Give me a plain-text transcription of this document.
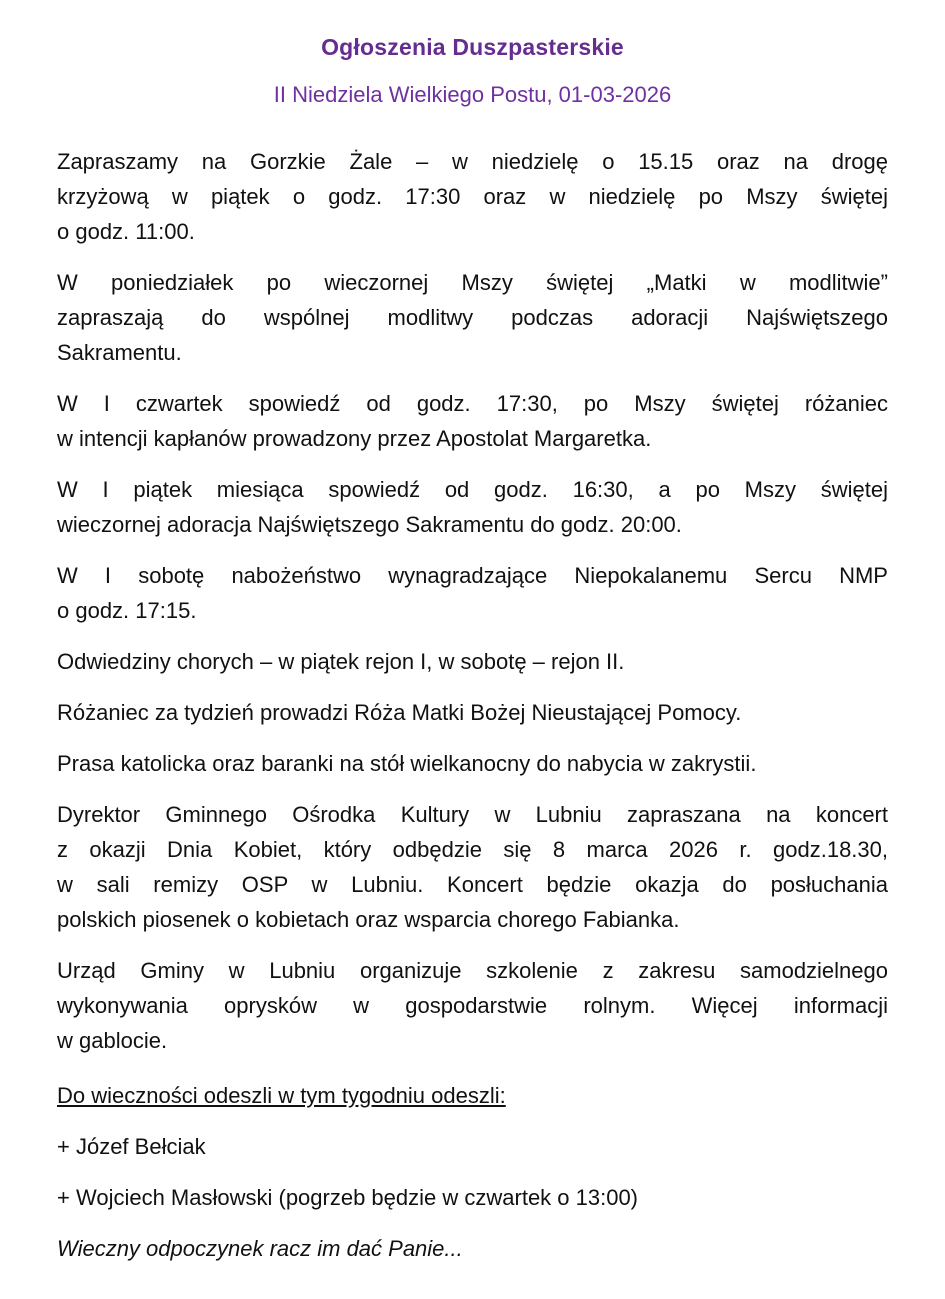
Ogłoszenia Duszpasterskie
II Niedziela Wielkiego Postu, 01-03-2026
Zapraszamy na Gorzkie Żale – w niedzielę o 15.15 oraz na drogę
krzyżową w piątek o godz. 17:30 oraz w niedzielę po Mszy świętej
o godz. 11:00.
W poniedziałek po wieczornej Mszy świętej „Matki w modlitwie”
zapraszają do wspólnej modlitwy podczas adoracji Najświętszego
Sakramentu.
W I czwartek spowiedź od godz. 17:30, po Mszy świętej różaniec
w intencji kapłanów prowadzony przez Apostolat Margaretka.
W I piątek miesiąca spowiedź od godz. 16:30, a po Mszy świętej
wieczornej adoracja Najświętszego Sakramentu do godz. 20:00.
W I sobotę nabożeństwo wynagradzające Niepokalanemu Sercu NMP
o godz. 17:15.
Odwiedziny chorych – w piątek rejon I, w sobotę – rejon II.
Różaniec za tydzień prowadzi Róża Matki Bożej Nieustającej Pomocy.
Prasa katolicka oraz baranki na stół wielkanocny do nabycia w zakrystii.
Dyrektor Gminnego Ośrodka Kultury w Lubniu zapraszana na koncert
z okazji Dnia Kobiet, który odbędzie się 8 marca 2026 r. godz.18.30,
w sali remizy OSP w Lubniu. Koncert będzie okazja do posłuchania
polskich piosenek o kobietach oraz wsparcia chorego Fabianka.
Urząd Gminy w Lubniu organizuje szkolenie z zakresu samodzielnego
wykonywania oprysków w gospodarstwie rolnym. Więcej informacji
w gablocie.
Do wieczności odeszli w tym tygodniu odeszli:
+ Józef Bełciak
+ Wojciech Masłowski (pogrzeb będzie w czwartek o 13:00)
Wieczny odpoczynek racz im dać Panie...
